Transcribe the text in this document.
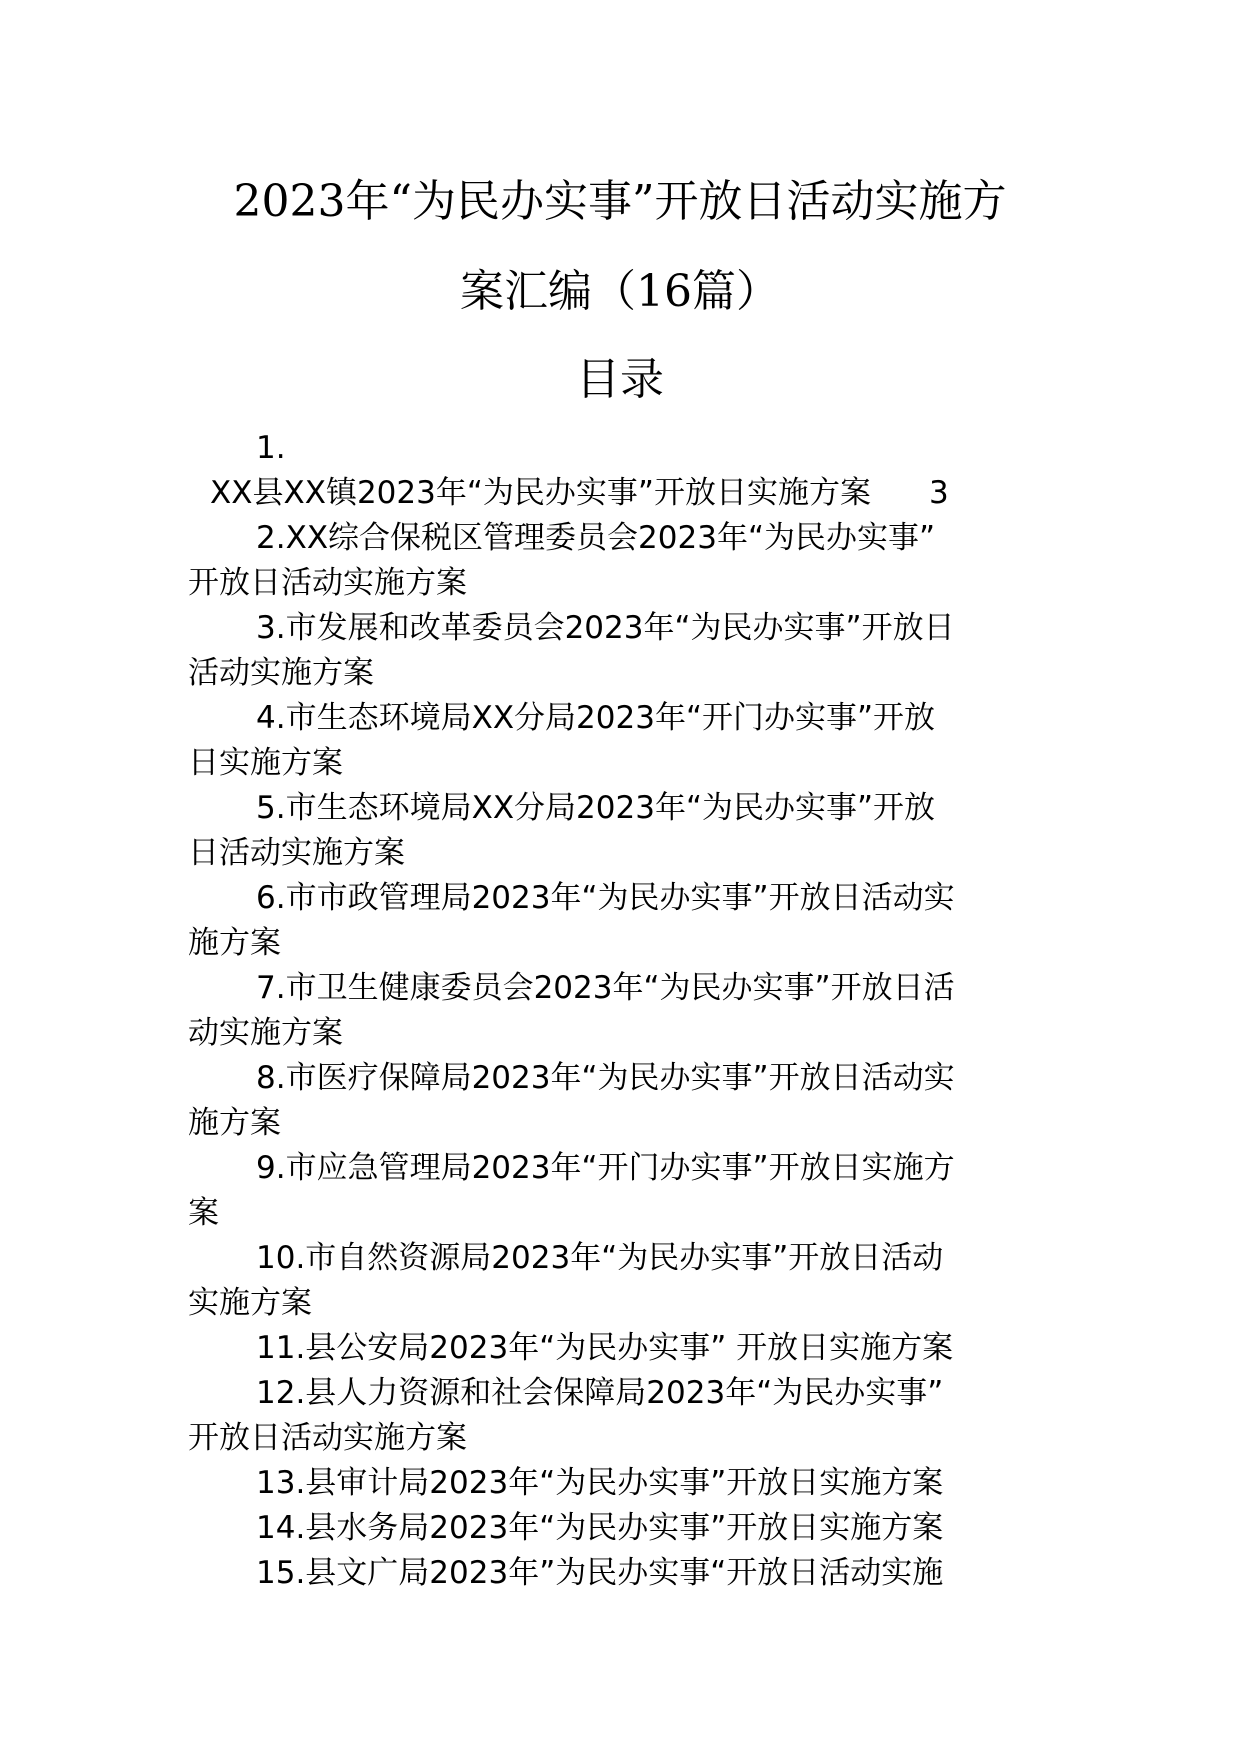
2023年“为民办实事”开放日活动实施方
案汇编（16篇）
目录
1.
XX县XX镇2023年“为民办实事”开放日实施方案 3
2.XX综合保税区管理委员会2023年“为民办实事”
开放日活动实施方案
3.市发展和改革委员会2023年“为民办实事”开放日
活动实施方案
4.市生态环境局XX分局2023年“开门办实事”开放
日实施方案
5.市生态环境局XX分局2023年“为民办实事”开放
日活动实施方案
6.市市政管理局2023年“为民办实事”开放日活动实
施方案
7.市卫生健康委员会2023年“为民办实事”开放日活
动实施方案
8.市医疗保障局2023年“为民办实事”开放日活动实
施方案
9.市应急管理局2023年“开门办实事”开放日实施方
案
10.市自然资源局2023年“为民办实事”开放日活动
实施方案
11.县公安局2023年“为民办实事” 开放日实施方案
12.县人力资源和社会保障局2023年“为民办实事”
开放日活动实施方案
13.县审计局2023年“为民办实事”开放日实施方案
14.县水务局2023年“为民办实事”开放日实施方案
15.县文广局2023年”为民办实事“开放日活动实施
